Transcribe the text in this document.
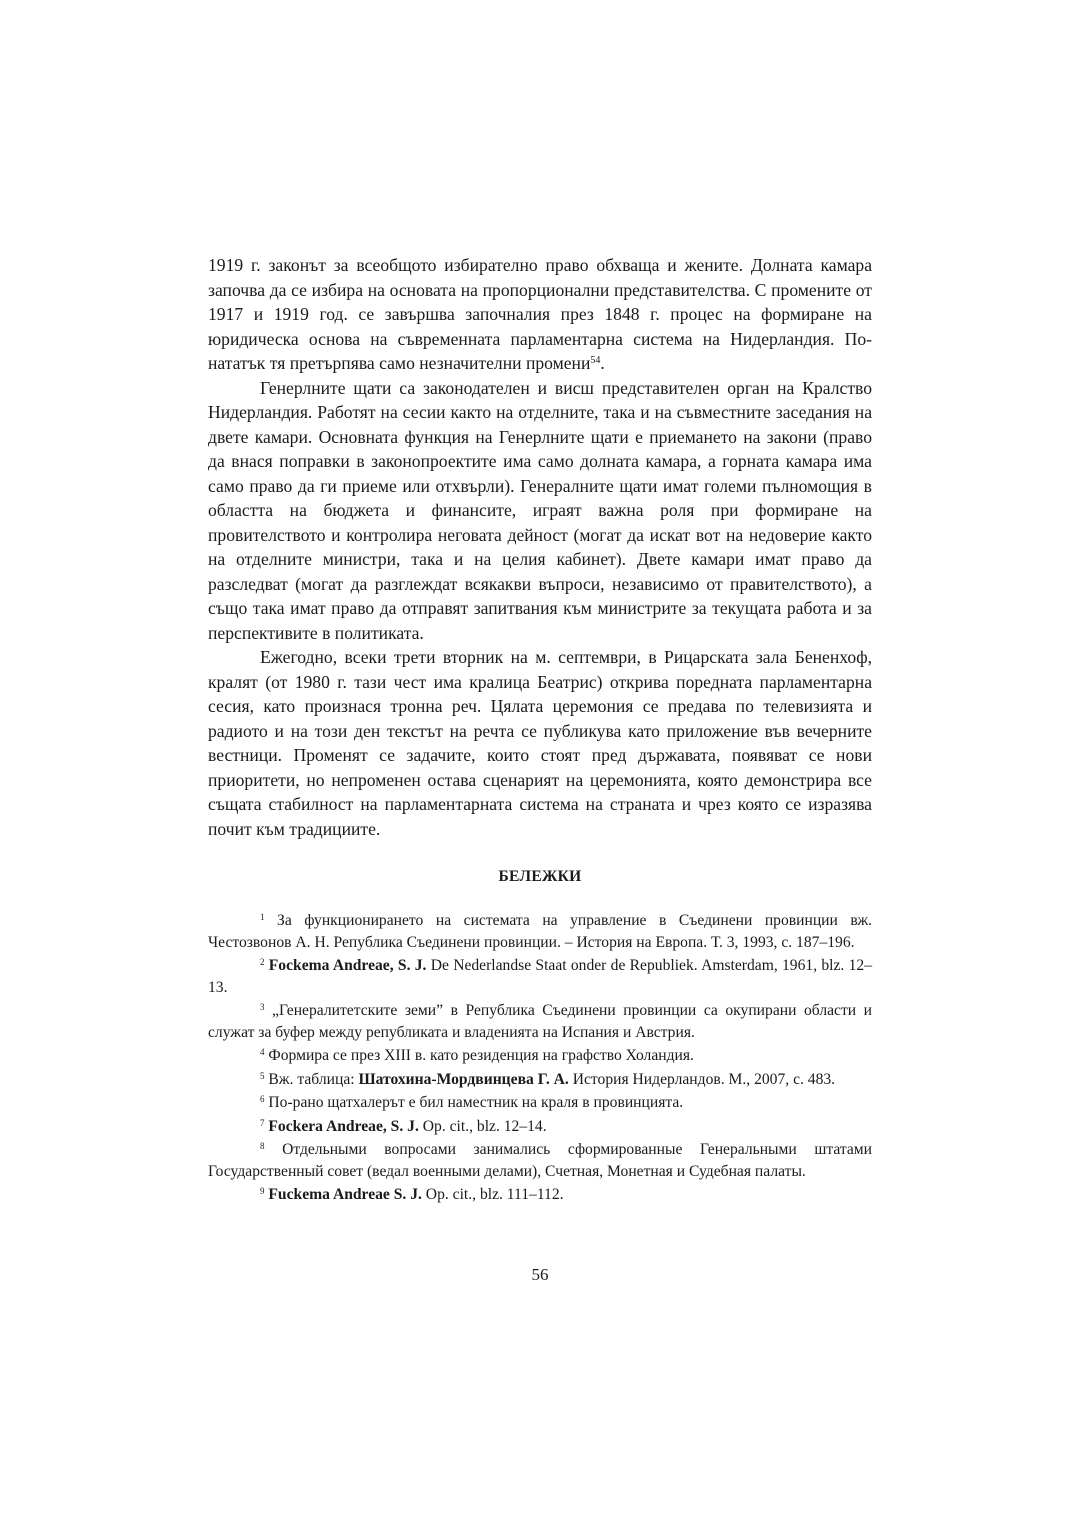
1919 г. законът за всеобщото избирателно право обхваща и жените. Долната камара започва да се избира на основата на пропорционални представителства. С промените от 1917 и 1919 год. се завършва започналия през 1848 г. процес на формиране на юридическа основа на съвременната парламентарна система на Нидерландия. По-нататък тя претърпява само незначителни промени$^{54}$.

Генерлните щати са законодателен и висш представителен орган на Кралство Нидерландия. Работят на сесии както на отделните, така и на съвместните заседания на двете камари. Основната функция на Генерлните щати е приемането на закони (право да внася поправки в законопроектите има само долната камара, а горната камара има само право да ги приеме или отхвърли). Генералните щати имат големи пълномощия в областта на бюджета и финансите, играят важна роля при формиране на провителството и контролира неговата дейност (могат да искат вот на недоверие както на отделните министри, така и на целия кабинет). Двете камари имат право да разследват (могат да разглеждат всякакви въпроси, независимо от правителството), а също така имат право да отправят запитвания към министрите за текущата работа и за перспективите в политиката.

Ежегодно, всеки трети вторник на м. септември, в Рицарската зала Бененхоф, кралят (от 1980 г. тази чест има кралица Беатрис) открива поредната парламентарна сесия, като произнася тронна реч. Цялата церемония се предава по телевизията и радиото и на този ден текстът на речта се публикува като приложение във вечерните вестници. Променят се задачите, които стоят пред държавата, появяват се нови приоритети, но непроменен остава сценарият на церемонията, която демонстрира все същата стабилност на парламентарната система на страната и чрез която се изразява почит към традициите.

БЕЛЕЖКИ

$^1$ За функционирането на системата на управление в Съединени провинции вж. Честозвонов А. Н. Република Съединени провинции. – История на Европа. Т. 3, 1993, с. 187–196.

$^2$ Fockema Andreae, S. J. De Nederlandse Staat onder de Republiek. Amsterdam, 1961, blz. 12–13.

$^3$ „Генералитетските земи” в Република Съединени провинции са окупирани области и служат за буфер между републиката и владенията на Испания и Австрия.

$^4$ Формира се през XIII в. като резиденция на графство Холандия.

$^5$ Вж. таблица: Шатохина-Мордвинцева Г. А. История Нидерландов. М., 2007, с. 483.

$^6$ По-рано щатхалерът е бил наместник на краля в провинцията.

$^7$ Fockеra Andreae, S. J. Op. cit., blz. 12–14.

$^8$ Отдельными вопросами занимались сформированные Генеральными штатами Государственный совет (ведал военными делами), Счетная, Монетная и Судебная палаты.

$^9$ Fuckema Andreae S. J. Op. cit., blz. 111–112.

56
